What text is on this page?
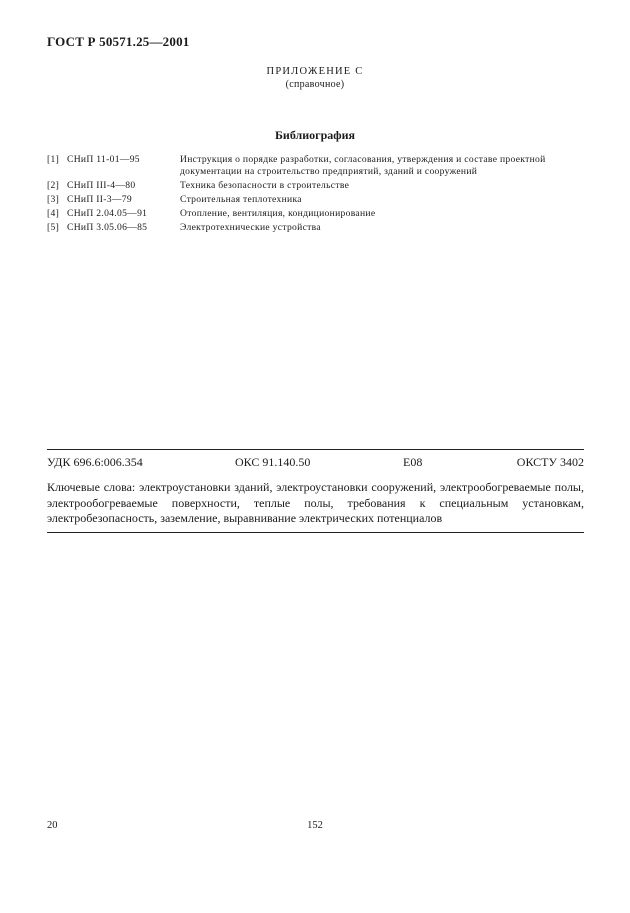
ГОСТ Р 50571.25—2001
ПРИЛОЖЕНИЕ С
(справочное)
Библиография
[1] СНиП 11-01—95	Инструкция о порядке разработки, согласования, утверждения и составе проектной документации на строительство предприятий, зданий и сооружений
[2] СНиП III-4—80	Техника безопасности в строительстве
[3] СНиП II-3—79	Строительная теплотехника
[4] СНиП 2.04.05—91	Отопление, вентиляция, кондиционирование
[5] СНиП 3.05.06—85	Электротехнические устройства
УДК 696.6:006.354	ОКС 91.140.50	Е08	ОКСТУ 3402
Ключевые слова: электроустановки зданий, электроустановки сооружений, электрообогреваемые полы, электрообогреваемые поверхности, теплые полы, требования к специальным установкам, электробезопасность, заземление, выравнивание электрических потенциалов
20	152
